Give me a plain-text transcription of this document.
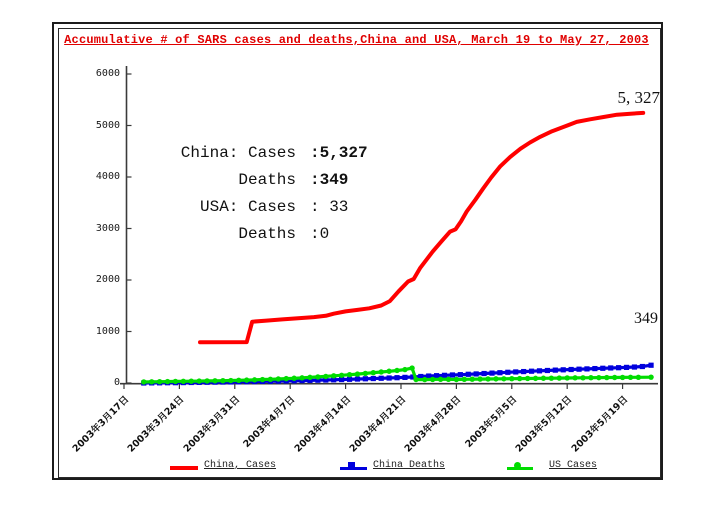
Accumulative # of SARS cases and deaths,China and USA, March 19 to May 27, 2003
0
1000
2000
3000
4000
5000
6000
2003年3月17日
2003年3月24日
2003年3月31日 2003年4月7日
2003年4月14日
2003年4月21日
2003年4月28日 2003年5月5日
2003年5月12日
2003年5月19日
China: Cases :5,327
Deaths :349
USA: Cases : 33
Deaths :0
5, 327
349
China, Cases	China Deaths	US Cases
